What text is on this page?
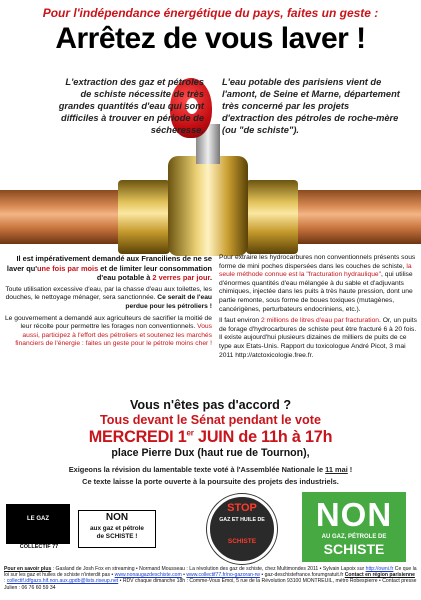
Pour l'indépendance énergétique du pays, faites un geste :
Arrêtez de vous laver !
L'extraction des gaz et pétroles de schiste nécessite de très grandes quantités d'eau qui sont difficiles à trouver en période de sécheresse.
L'eau potable des parisiens vient de l'amont, de Seine et Marne, département très concerné par les projets d'extraction des pétroles de roche-mère (ou "de schiste").
Il est impérativement demandé aux Franciliens de ne se laver qu'une fois par mois et de limiter leur consommation d'eau potable à 2 verres par jour.
Toute utilisation excessive d'eau, par la chasse d'eau aux toilettes, les douches, le nettoyage ménager, sera sanctionnée. Ce serait de l'eau perdue pour les pétroliers !
Le gouvernement a demandé aux agriculteurs de sacrifier la moitié de leur récolte pour permettre les forages non conventionnels. Vous aussi, participez à l'effort des pétroliers et soutenez les marchés financiers de l'énergie : faites un geste pour le pétrole moins cher !
Pour extraire les hydrocarbures non conventionnels présents sous forme de mini poches dispersées dans les couches de schiste, la seule méthode connue est la "fracturation hydraulique", qui utilise d'énormes quantités d'eau mélangée à du sable et d'adjuvants chimiques, injectée dans les puits à très haute pression, dont une partie remonte, sous forme de boues toxiques (mutagènes, cancérigènes, perturbateurs endocriniens, etc.).
Il faut environ 2 millions de litres d'eau par fracturation. Or, un puits de forage d'hydrocarbures de schiste peut être fracturé 6 à 20 fois. Il existe aujourd'hui plusieurs dizaines de milliers de puits de ce type aux Etats-Unis. Rapport du toxicologue André Picot, 3 mai 2011 http://atctoxicologie.free.fr.
Vous n'êtes pas d'accord ?
Tous devant le Sénat pendant le vote
MERCREDI 1er JUIN de 11h à 17h
place Pierre Dux (haut rue de Tournon),
Exigeons la révision du lamentable texte voté à l'Assemblée Nationale le 11 mai !
Ce texte laisse la porte ouverte à la poursuite des projets des industriels.
LE GAZ
COLLECTIF 77
NON
aux gaz et pétrole
de SCHISTE !
STOP
GAZ ET HUILE DE
SCHISTE
NON
AU GAZ, PÉTROLE DE
SCHISTE
Pour en savoir plus : Gasland de Josh Fox en streaming • Normand Mousseau : La révolution des gaz de schiste, chez Multimondes 2011 • Sylvain Lapoix sur http://owni.fr Ce que la loi sur les gaz et huiles de schiste n'interdit pas • www.nonaugazdeschiste.com • www.collectif77.fr/no-gazoran-rw • gaz-deschistefrance.forumgratuit.fr Contact en région parisienne : collectif.idfgazs.hif.non.aux.gpdb@lists.riseup.net • RDV chaque dimanche 18h : Comme-Vous Emoi, 5 rue de la Révolution 93100 MONTREUIL, métro Robespierre • Contact presse Julien : 06 76 60 59 34
